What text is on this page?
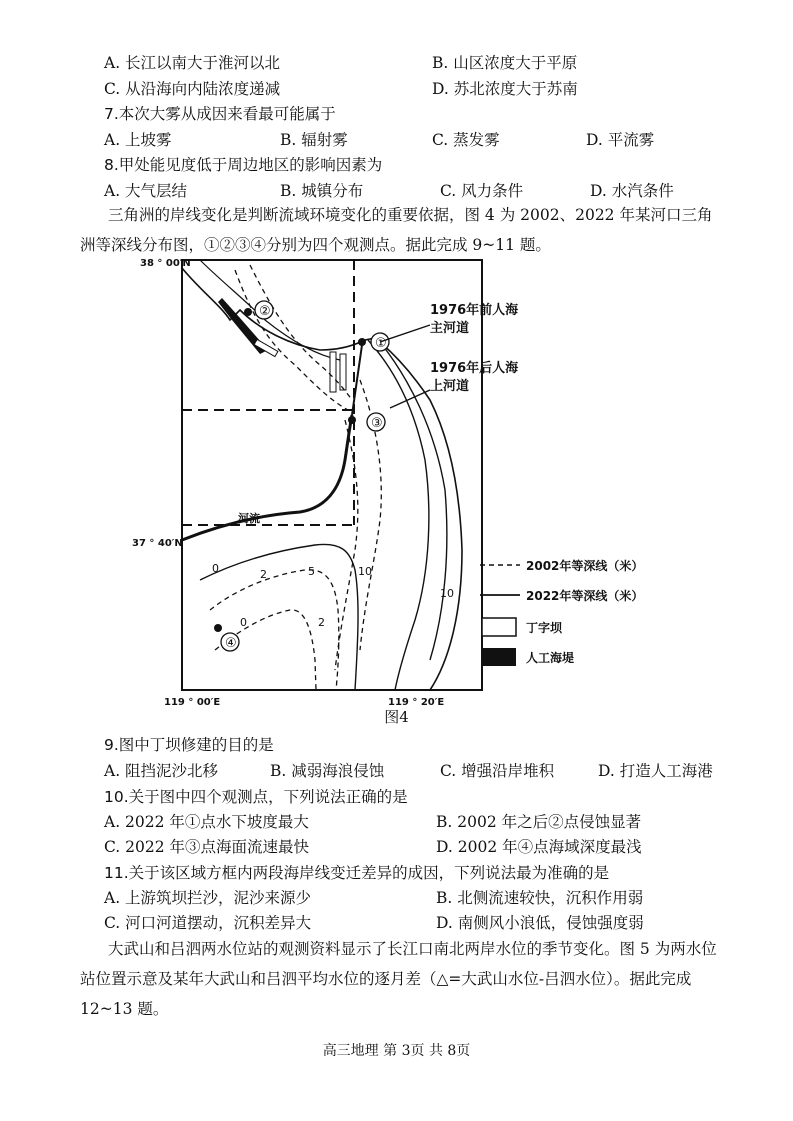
A. 长江以南大于淮河以北	B. 山区浓度大于平原
C. 从沿海向内陆浓度递减	D. 苏北浓度大于苏南
7.本次大雾从成因来看最可能属于
A. 上坡雾	B. 辐射雾	C. 蒸发雾	D. 平流雾
8.甲处能见度低于周边地区的影响因素为
A. 大气层结	B. 城镇分布	C. 风力条件	D. 水汽条件
三角洲的岸线变化是判断流域环境变化的重要依据，图 4 为 2002、2022 年某河口三角洲等深线分布图，①②③④分别为四个观测点。据此完成 9~11 题。
②
①
③
④
1976年前人海
主河道
1976年后人海
上河道
河流
0	2	5	10
0	2
10
38 ° 00′N
37 ° 40′N
119 ° 00′E	119 ° 20′E
2002年等深线（米）
2022年等深线（米）
丁字坝
人工海堤
图4
9.图中丁坝修建的目的是
A. 阻挡泥沙北移	B. 减弱海浪侵蚀	C. 增强沿岸堆积	D. 打造人工海港
10.关于图中四个观测点，下列说法正确的是
A. 2022 年①点水下坡度最大	B. 2002 年之后②点侵蚀显著
C. 2022 年③点海面流速最快	D. 2002 年④点海域深度最浅
11.关于该区域方框内两段海岸线变迁差异的成因，下列说法最为准确的是
A. 上游筑坝拦沙，泥沙来源少	B. 北侧流速较快，沉积作用弱
C. 河口河道摆动，沉积差异大	D. 南侧风小浪低，侵蚀强度弱
大武山和吕泗两水位站的观测资料显示了长江口南北两岸水位的季节变化。图 5 为两水位站位置示意及某年大武山和吕泗平均水位的逐月差（△=大武山水位-吕泗水位）。据此完成 12~13 题。
高三地理 第 3页 共 8页
